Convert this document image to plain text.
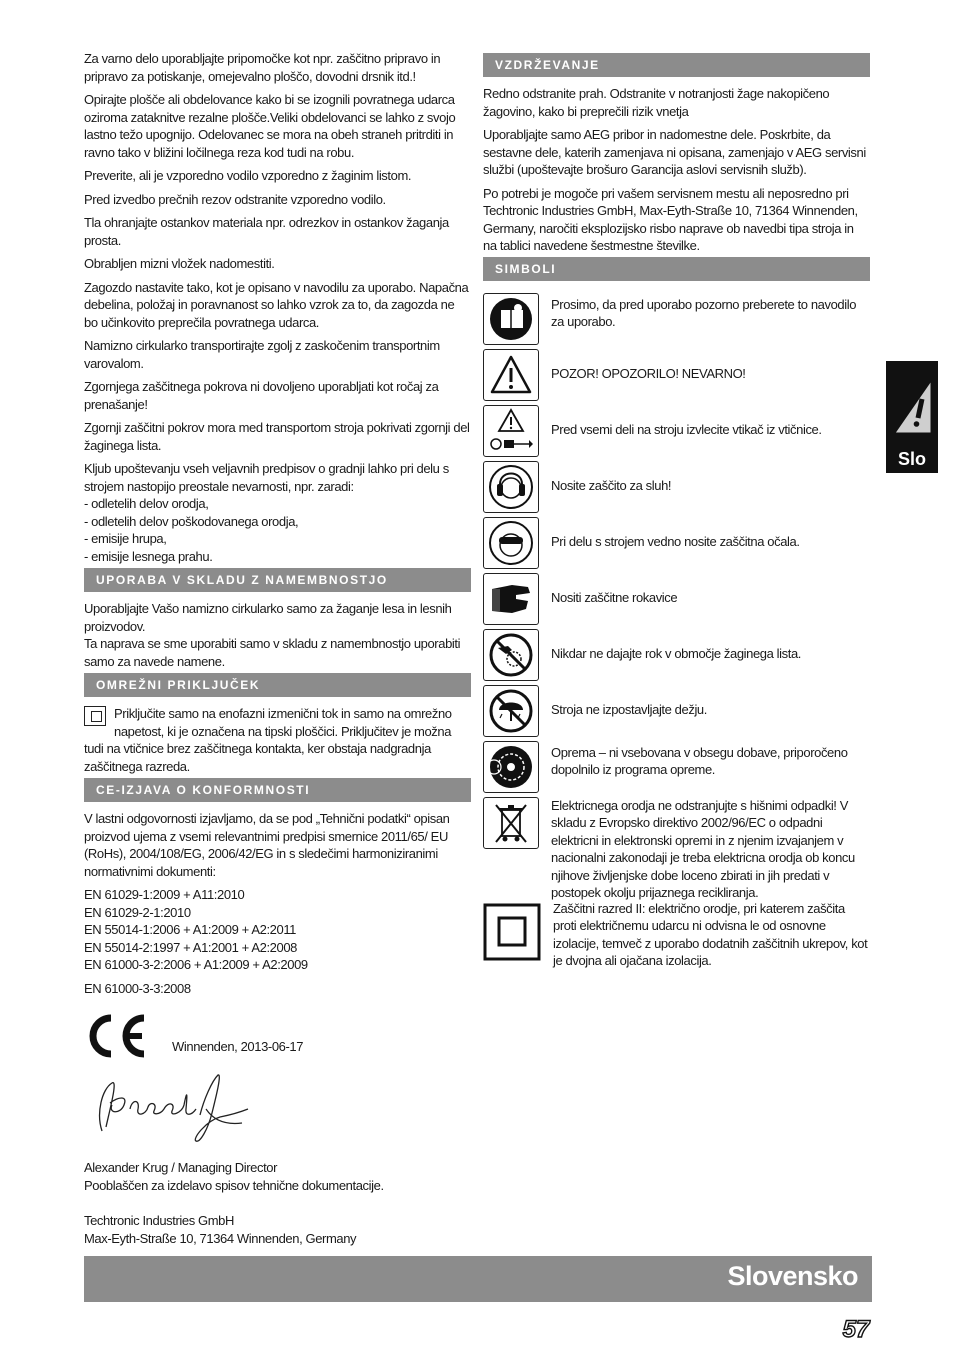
Za varno delo uporabljajte pripomočke kot npr. zaščitno pripravo in pripravo za potiskanje, omejevalno ploščo, dovodni drsnik itd.!

Opirajte plošče ali obdelovance kako bi se izognili povratnega udarca oziroma zataknitve rezalne plošče.Veliki obdelovanci se lahko z svojo lastno težo upognijo. Odelovanec se mora na obeh straneh pritrditi in ravno tako v bližini ločilnega reza kod tudi na robu.

Preverite, ali je vzporedno vodilo vzporedno z žaginim listom.

Pred izvedbo prečnih rezov odstranite vzporedno vodilo.

Tla ohranjajte ostankov materiala npr. odrezkov in ostankov žaganja prosta.

Obrabljen mizni vložek nadomestiti.

Zagozdo nastavite tako, kot je opisano v navodilu za uporabo. Napačna debelina, položaj in poravnanost so lahko vzrok za to, da zagozda ne bo učinkovito preprečila povratnega udarca.

Namizno cirkularko transportirajte zgolj z zaskočenim transportnim varovalom.

Zgornjega zaščitnega pokrova ni dovoljeno uporabljati kot ročaj za prenašanje!

Zgornji zaščitni pokrov mora med transportom stroja pokrivati zgornji del žaginega lista.

Kljub upoštevanju vseh veljavnih predpisov o gradnji lahko pri delu s strojem nastopijo preostale nevarnosti, npr. zaradi:
- odletelih delov orodja,
- odletelih delov poškodovanega orodja,
- emisije hrupa,
- emisije lesnega prahu.
UPORABA V SKLADU Z NAMEMBNOSTJO
Uporabljajte Vašo namizno cirkularko samo za žaganje lesa in lesnih proizvodov.
Ta naprava se sme uporabiti samo v skladu z namembnostjo uporabiti samo za navede namene.
OMREŽNI PRIKLJUČEK
Priključite samo na enofazni izmenični tok in samo na omrežno napetost, ki je označena na tipski ploščici. Priključitev je možna tudi na vtičnice brez zaščitnega kontakta, ker obstaja nadgradnja zaščitnega razreda.
CE-IZJAVA O KONFORMNOSTI

V lastni odgovornosti izjavljamo, da se pod „Tehnični podatki“ opisan proizvod ujema z vsemi relevantnimi predpisi smernice 2011/65/ EU (RoHs), 2004/108/EG, 2006/42/EG in s sledečimi harmoniziranimi normativnimi dokumenti:

EN 61029-1:2009 + A11:2010

EN 61029-2-1:2010

EN 55014-1:2006 + A1:2009 + A2:2011

EN 55014-2:1997 + A1:2001 + A2:2008

EN 61000-3-2:2006 + A1:2009 + A2:2009

EN 61000-3-3:2008

Winnenden, 2013-06-17
Alexander Krug / Managing Director
Pooblaščen za izdelavo spisov tehnične dokumentacije.
Techtronic Industries GmbH
Max-Eyth-Straße 10, 71364 Winnenden, Germany
VZDRŽEVANJE

Redno odstranite prah. Odstranite v notranjosti žage nakopičeno žagovino, kako bi preprečili rizik vnetja

Uporabljajte samo AEG pribor in nadomestne dele. Poskrbite, da sestavne dele, katerih zamenjava ni opisana, zamenjajo v AEG servisni službi (upoštevajte brošuro Garancija aslovi servisnih služb).

Po potrebi je mogoče pri vašem servisnem mestu ali neposredno pri Techtronic Industries GmbH, Max-Eyth-Straße 10, 71364 Winnenden, Germany, naročiti eksplozijsko risbo naprave ob navedbi tipa stroja in na tablici navedene šestmestne številke.

SIMBOLI
Prosimo, da pred uporabo pozorno preberete to navodilo za uporabo.
POZOR! OPOZORILO! NEVARNO!
Pred vsemi deli na stroju izvlecite vtikač iz vtičnice.
Nosite zaščito za sluh!
Pri delu s strojem vedno nosite zaščitna očala.
Nositi zaščitne rokavice
Nikdar ne dajajte rok v območje žaginega lista.
Stroja ne izpostavljajte dežju.
Oprema – ni vsebovana v obsegu dobave, priporočeno dopolnilo iz programa opreme.
Elektricnega orodja ne odstranjujte s hišnimi odpadki! V skladu z Evropsko direktivo 2002/96/EC o odpadni elektricni in elektronski opremi in z njenim izvajanjem v nacionalni zakonodaji je treba elektricna orodja ob koncu njihove življenjske dobe loceno zbirati in jih predati v postopek okolju prijaznega recikliranja.
Zaščitni razred II: električno orodje, pri katerem zaščita proti električnemu udarcu ni odvisna le od osnovne izolacije, temveč z uporabo dodatnih zaščitnih ukrepov, kot je dvojna ali ojačana izolacija.
Slo
Slovensko
57
